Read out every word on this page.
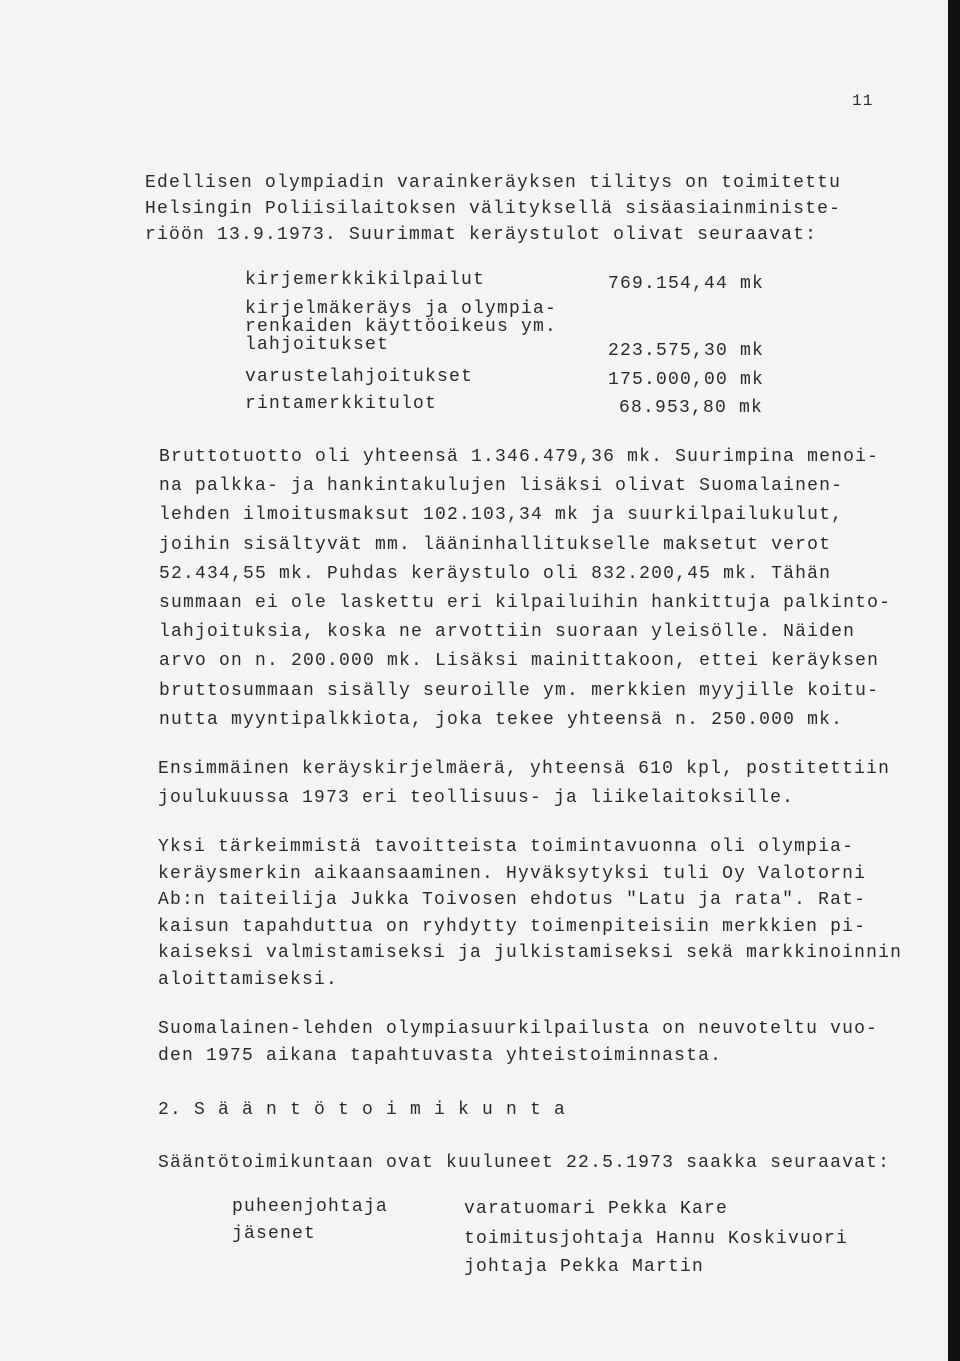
11
Edellisen olympiadin varainkeräyksen tilitys on toimitettu
Helsingin Poliisilaitoksen välityksellä sisäasiainministe-
riöön 13.9.1973. Suurimmat keräystulot olivat seuraavat:
kirjemerkkikilpailut	769.154,44 mk
kirjelmäkeräys ja olympia-
renkaiden käyttöoikeus ym.
lahjoitukset	223.575,30 mk
varustelahjoitukset	175.000,00 mk
rintamerkkitulot	68.953,80 mk
Bruttotuotto oli yhteensä 1.346.479,36 mk. Suurimpina menoi-
na palkka- ja hankintakulujen lisäksi olivat Suomalainen-
lehden ilmoitusmaksut 102.103,34 mk ja suurkilpailukulut,
joihin sisältyvät mm. lääninhallitukselle maksetut verot
52.434,55 mk. Puhdas keräystulo oli 832.200,45 mk. Tähän
summaan ei ole laskettu eri kilpailuihin hankittuja palkinto-
lahjoituksia, koska ne arvottiin suoraan yleisölle. Näiden
arvo on n. 200.000 mk. Lisäksi mainittakoon, ettei keräyksen
bruttosummaan sisälly seuroille ym. merkkien myyjille koitu-
nutta myyntipalkkiota, joka tekee yhteensä n. 250.000 mk.
Ensimmäinen keräyskirjelmäerä, yhteensä 610 kpl, postitettiin
joulukuussa 1973 eri teollisuus- ja liikelaitoksille.
Yksi tärkeimmistä tavoitteista toimintavuonna oli olympia-
keräysmerkin aikaansaaminen. Hyväksytyksi tuli Oy Valotorni
Ab:n taiteilija Jukka Toivosen ehdotus "Latu ja rata". Rat-
kaisun tapahduttua on ryhdytty toimenpiteisiin merkkien pi-
kaiseksi valmistamiseksi ja julkistamiseksi sekä markkinoinnin
aloittamiseksi.
Suomalainen-lehden olympiasuurkilpailusta on neuvoteltu vuo-
den 1975 aikana tapahtuvasta yhteistoiminnasta.
2. S ä ä n t ö t o i m i k u n t a
Sääntötoimikuntaan ovat kuuluneet 22.5.1973 saakka seuraavat:
puheenjohtaja	varatuomari Pekka Kare
jäsenet	toimitusjohtaja Hannu Koskivuori
johtaja Pekka Martin
